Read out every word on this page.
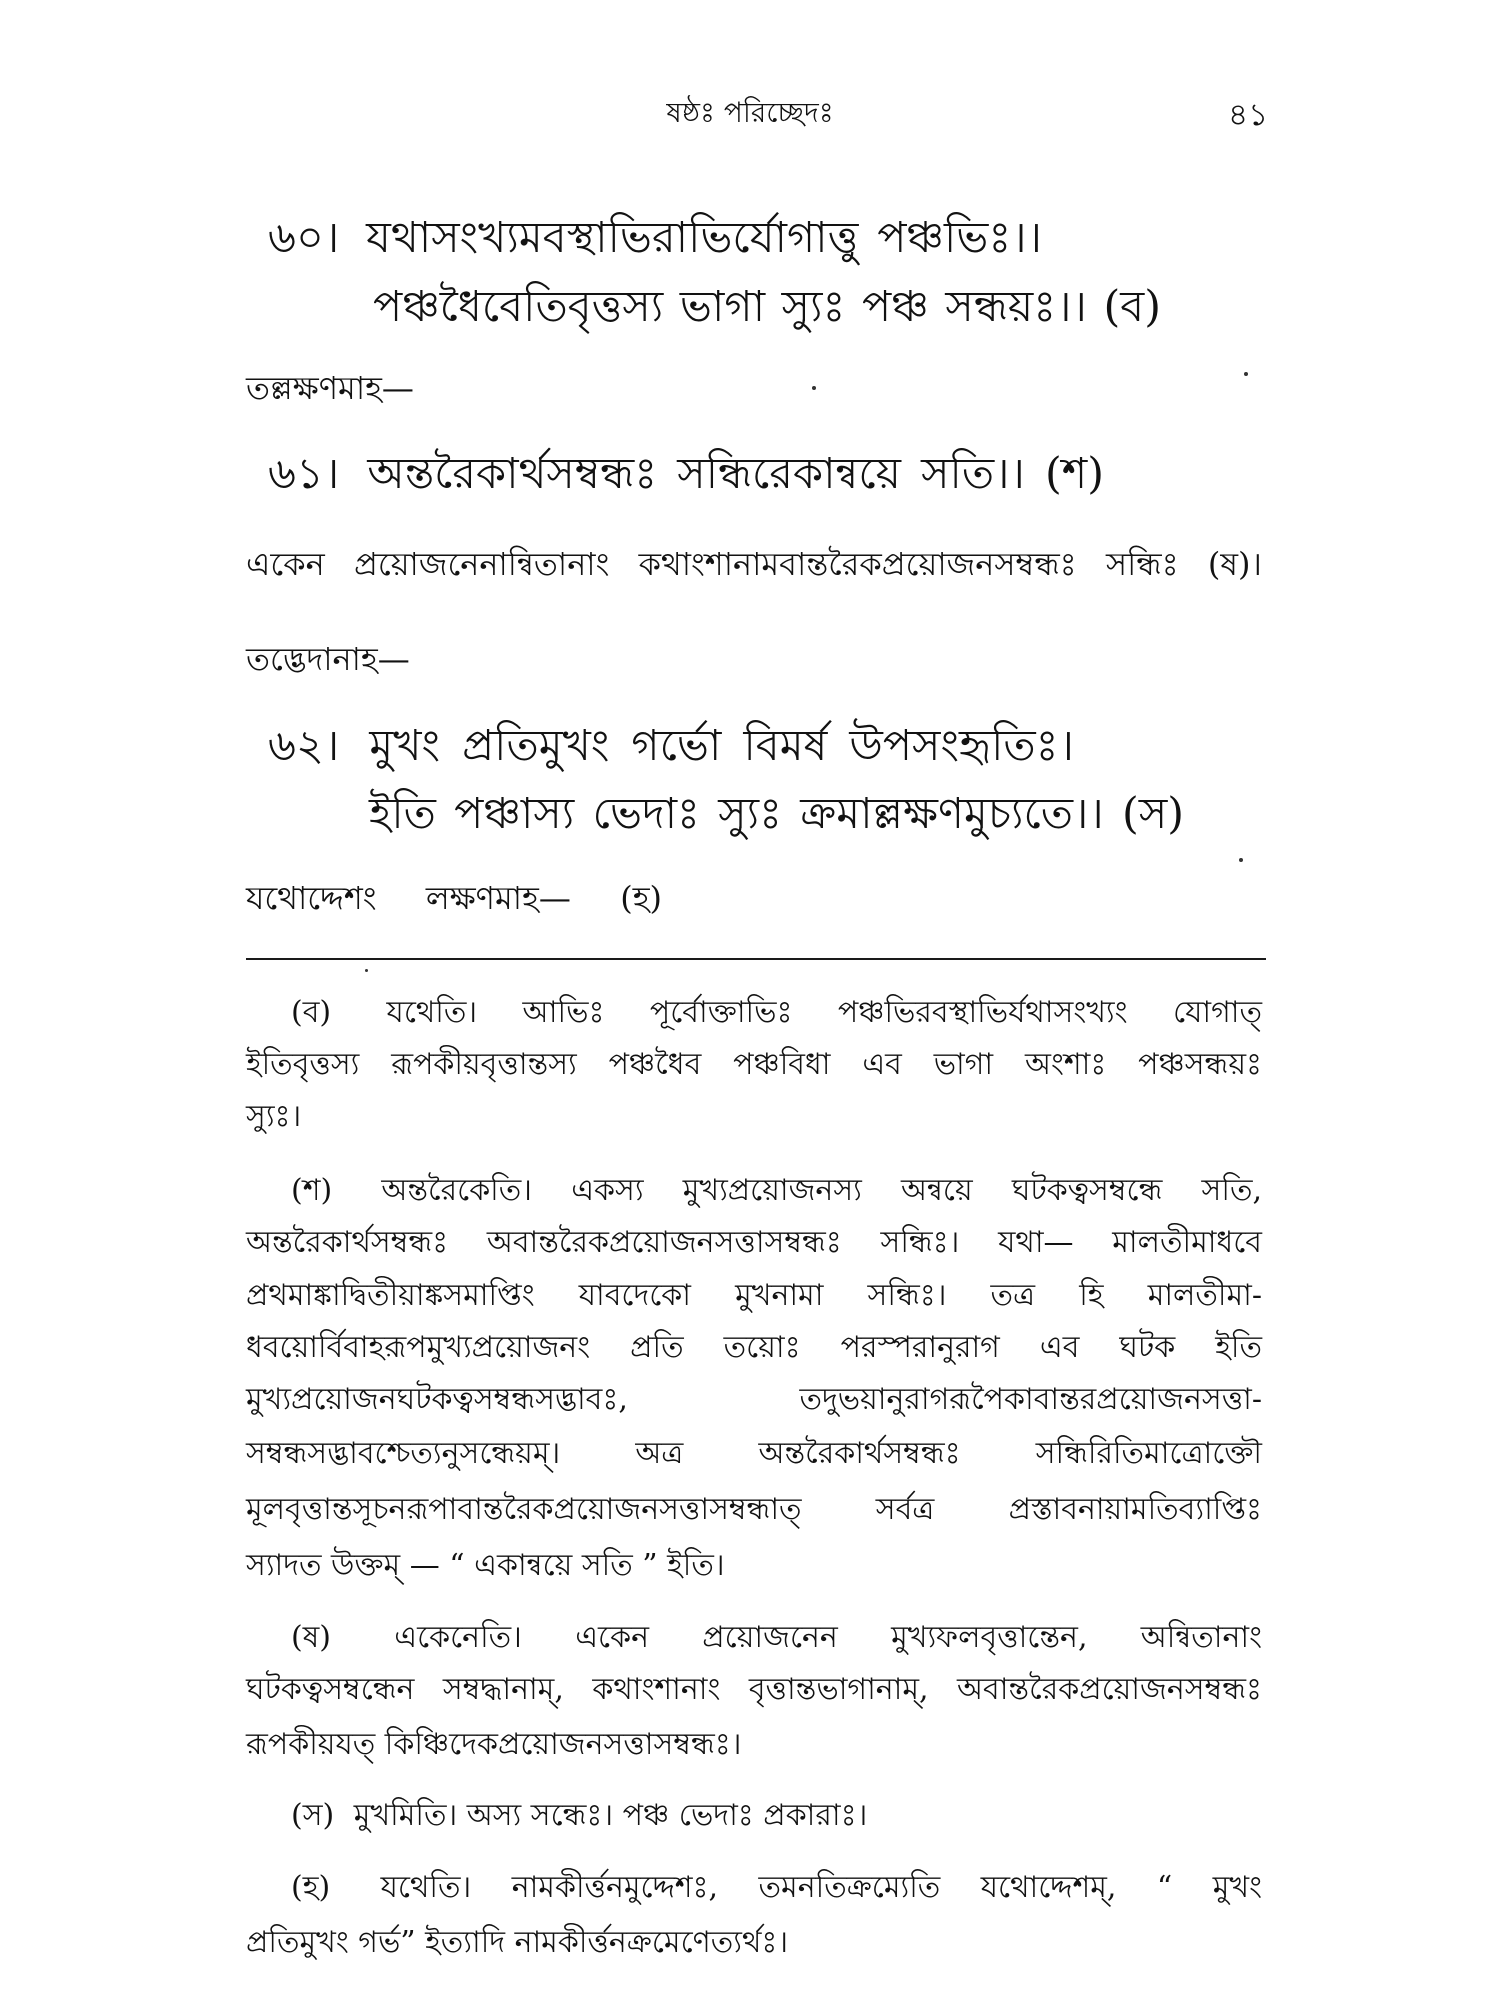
ষষ্ঠঃ পরিচ্ছেদঃ	৪১
৬০। যথাসংখ্যমবস্থাভিরাভির্যোগাত্তু পঞ্চভিঃ।।
পঞ্চধৈবেতিবৃত্তস্য ভাগা স্যুঃ পঞ্চ সন্ধয়ঃ।। (ব)
তল্লক্ষণমাহ—
৬১। অন্তরৈকার্থসম্বন্ধঃ সন্ধিরেকান্বয়ে সতি।। (শ)
একেন প্রয়োজনেনান্বিতানাং কথাংশানামবান্তরৈকপ্রয়োজনসম্বন্ধঃ সন্ধিঃ (ষ)।
তদ্ভেদানাহ—
৬২। মুখং প্রতিমুখং গর্ভো বিমর্ষ উপসংহৃতিঃ।
ইতি পঞ্চাস্য ভেদাঃ স্যুঃ ক্রমাল্লক্ষণমুচ্যতে।। (স)
যথোদ্দেশং লক্ষণমাহ— (হ)
(ব) যথেতি। আভিঃ পূর্বোক্তাভিঃ পঞ্চভিরবস্থাভির্যথাসংখ্যং যোগাত্
ইতিবৃত্তস্য রূপকীয়বৃত্তান্তস্য পঞ্চধৈব পঞ্চবিধা এব ভাগা অংশাঃ পঞ্চসন্ধয়ঃ
স্যুঃ।
(শ) অন্তরৈকেতি। একস্য মুখ্যপ্রয়োজনস্য অন্বয়ে ঘটকত্বসম্বন্ধে সতি,
অন্তরৈকার্থসম্বন্ধঃ অবান্তরৈকপ্রয়োজনসত্তাসম্বন্ধঃ সন্ধিঃ। যথা— মালতীমাধবে
প্রথমাঙ্কাদ্বিতীয়াঙ্কসমাপ্তিং যাবদেকো মুখনামা সন্ধিঃ। তত্র হি মালতীমা-
ধবয়োর্বিবাহরূপমুখ্যপ্রয়োজনং প্রতি তয়োঃ পরস্পরানুরাগ এব ঘটক ইতি
মুখ্যপ্রয়োজনঘটকত্বসম্বন্ধসদ্ভাবঃ, তদুভয়ানুরাগরূপৈকাবান্তরপ্রয়োজনসত্তা-
সম্বন্ধসদ্ভাবশ্চেত্যনুসন্ধেয়ম্। অত্র অন্তরৈকার্থসম্বন্ধঃ সন্ধিরিতিমাত্রোক্তৌ
মূলবৃত্তান্তসূচনরূপাবান্তরৈকপ্রয়োজনসত্তাসম্বন্ধাত্ সর্বত্র প্রস্তাবনায়ামতিব্যাপ্তিঃ
স্যাদত উক্তম্ — “ একান্বয়ে সতি ” ইতি।
(ষ) একেনেতি। একেন প্রয়োজনেন মুখ্যফলবৃত্তান্তেন, অন্বিতানাং
ঘটকত্বসম্বন্ধেন সম্বদ্ধানাম্, কথাংশানাং বৃত্তান্তভাগানাম্, অবান্তরৈকপ্রয়োজনসম্বন্ধঃ
রূপকীয়যত্ কিঞ্চিদেকপ্রয়োজনসত্তাসম্বন্ধঃ।
(স) মুখমিতি। অস্য সন্ধেঃ। পঞ্চ ভেদাঃ প্রকারাঃ।
(হ) যথেতি। নামকীর্ত্তনমুদ্দেশঃ, তমনতিক্রম্যেতি যথোদ্দেশম্, “ মুখং
প্রতিমুখং গর্ভ” ইত্যাদি নামকীর্ত্তনক্রমেণেত্যর্থঃ।
